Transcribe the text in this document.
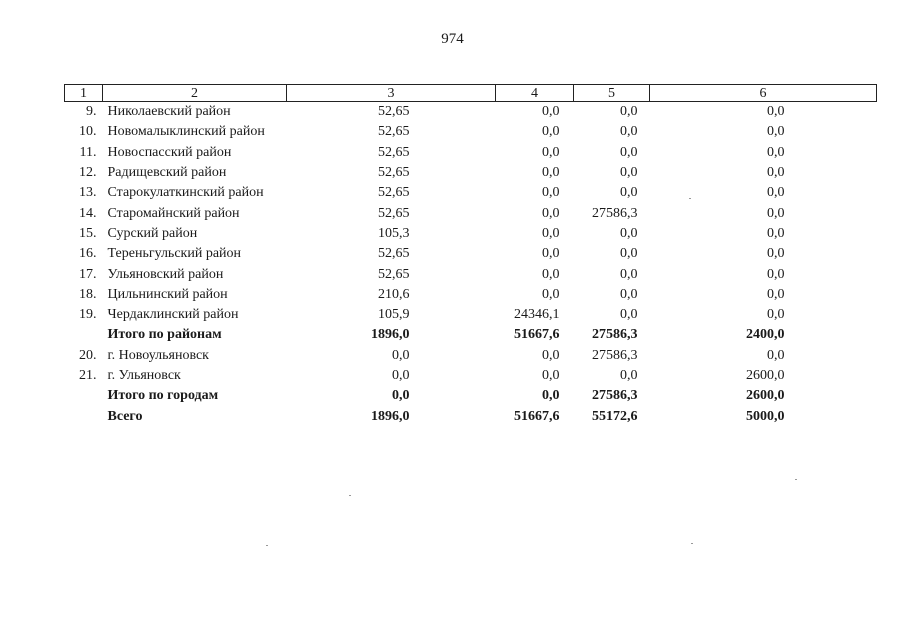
974
1	2	3	4	5	6
9.	Николаевский район	52,65	0,0	0,0	0,0
10.	Новомалыклинский район	52,65	0,0	0,0	0,0
11.	Новоспасский район	52,65	0,0	0,0	0,0
12.	Радищевский район	52,65	0,0	0,0	0,0
13.	Старокулаткинский район	52,65	0,0	0,0	0,0
14.	Старомайнский район	52,65	0,0	27586,3	0,0
15.	Сурский район	105,3	0,0	0,0	0,0
16.	Тереньгульский район	52,65	0,0	0,0	0,0
17.	Ульяновский район	52,65	0,0	0,0	0,0
18.	Цильнинский район	210,6	0,0	0,0	0,0
19.	Чердаклинский район	105,9	24346,1	0,0	0,0
	Итого по районам	1896,0	51667,6	27586,3	2400,0
20.	г. Новоульяновск	0,0	0,0	27586,3	0,0
21.	г. Ульяновск	0,0	0,0	0,0	2600,0
	Итого по городам	0,0	0,0	27586,3	2600,0
	Всего	1896,0	51667,6	55172,6	5000,0
